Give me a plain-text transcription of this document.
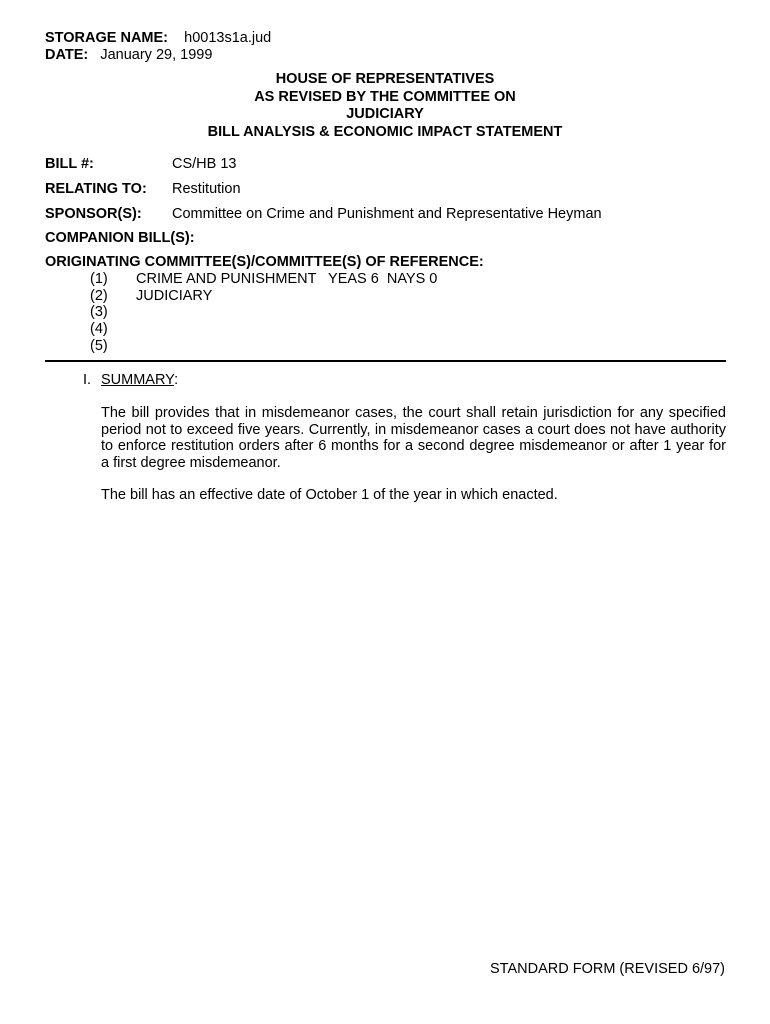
STORAGE NAME: h0013s1a.jud
DATE: January 29, 1999
HOUSE OF REPRESENTATIVES
AS REVISED BY THE COMMITTEE ON
JUDICIARY
BILL ANALYSIS & ECONOMIC IMPACT STATEMENT
BILL #:	CS/HB 13
RELATING TO: Restitution
SPONSOR(S): Committee on Crime and Punishment and Representative Heyman
COMPANION BILL(S):
ORIGINATING COMMITTEE(S)/COMMITTEE(S) OF REFERENCE:
(1) CRIME AND PUNISHMENT   YEAS 6  NAYS 0
(2) JUDICIARY
(3)
(4)
(5)
I. SUMMARY:
The bill provides that in misdemeanor cases, the court shall retain jurisdiction for any specified period not to exceed five years. Currently, in misdemeanor cases a court does not have authority to enforce restitution orders after 6 months for a second degree misdemeanor or after 1 year for a first degree misdemeanor.
The bill has an effective date of October 1 of the year in which enacted.
STANDARD FORM (REVISED 6/97)
